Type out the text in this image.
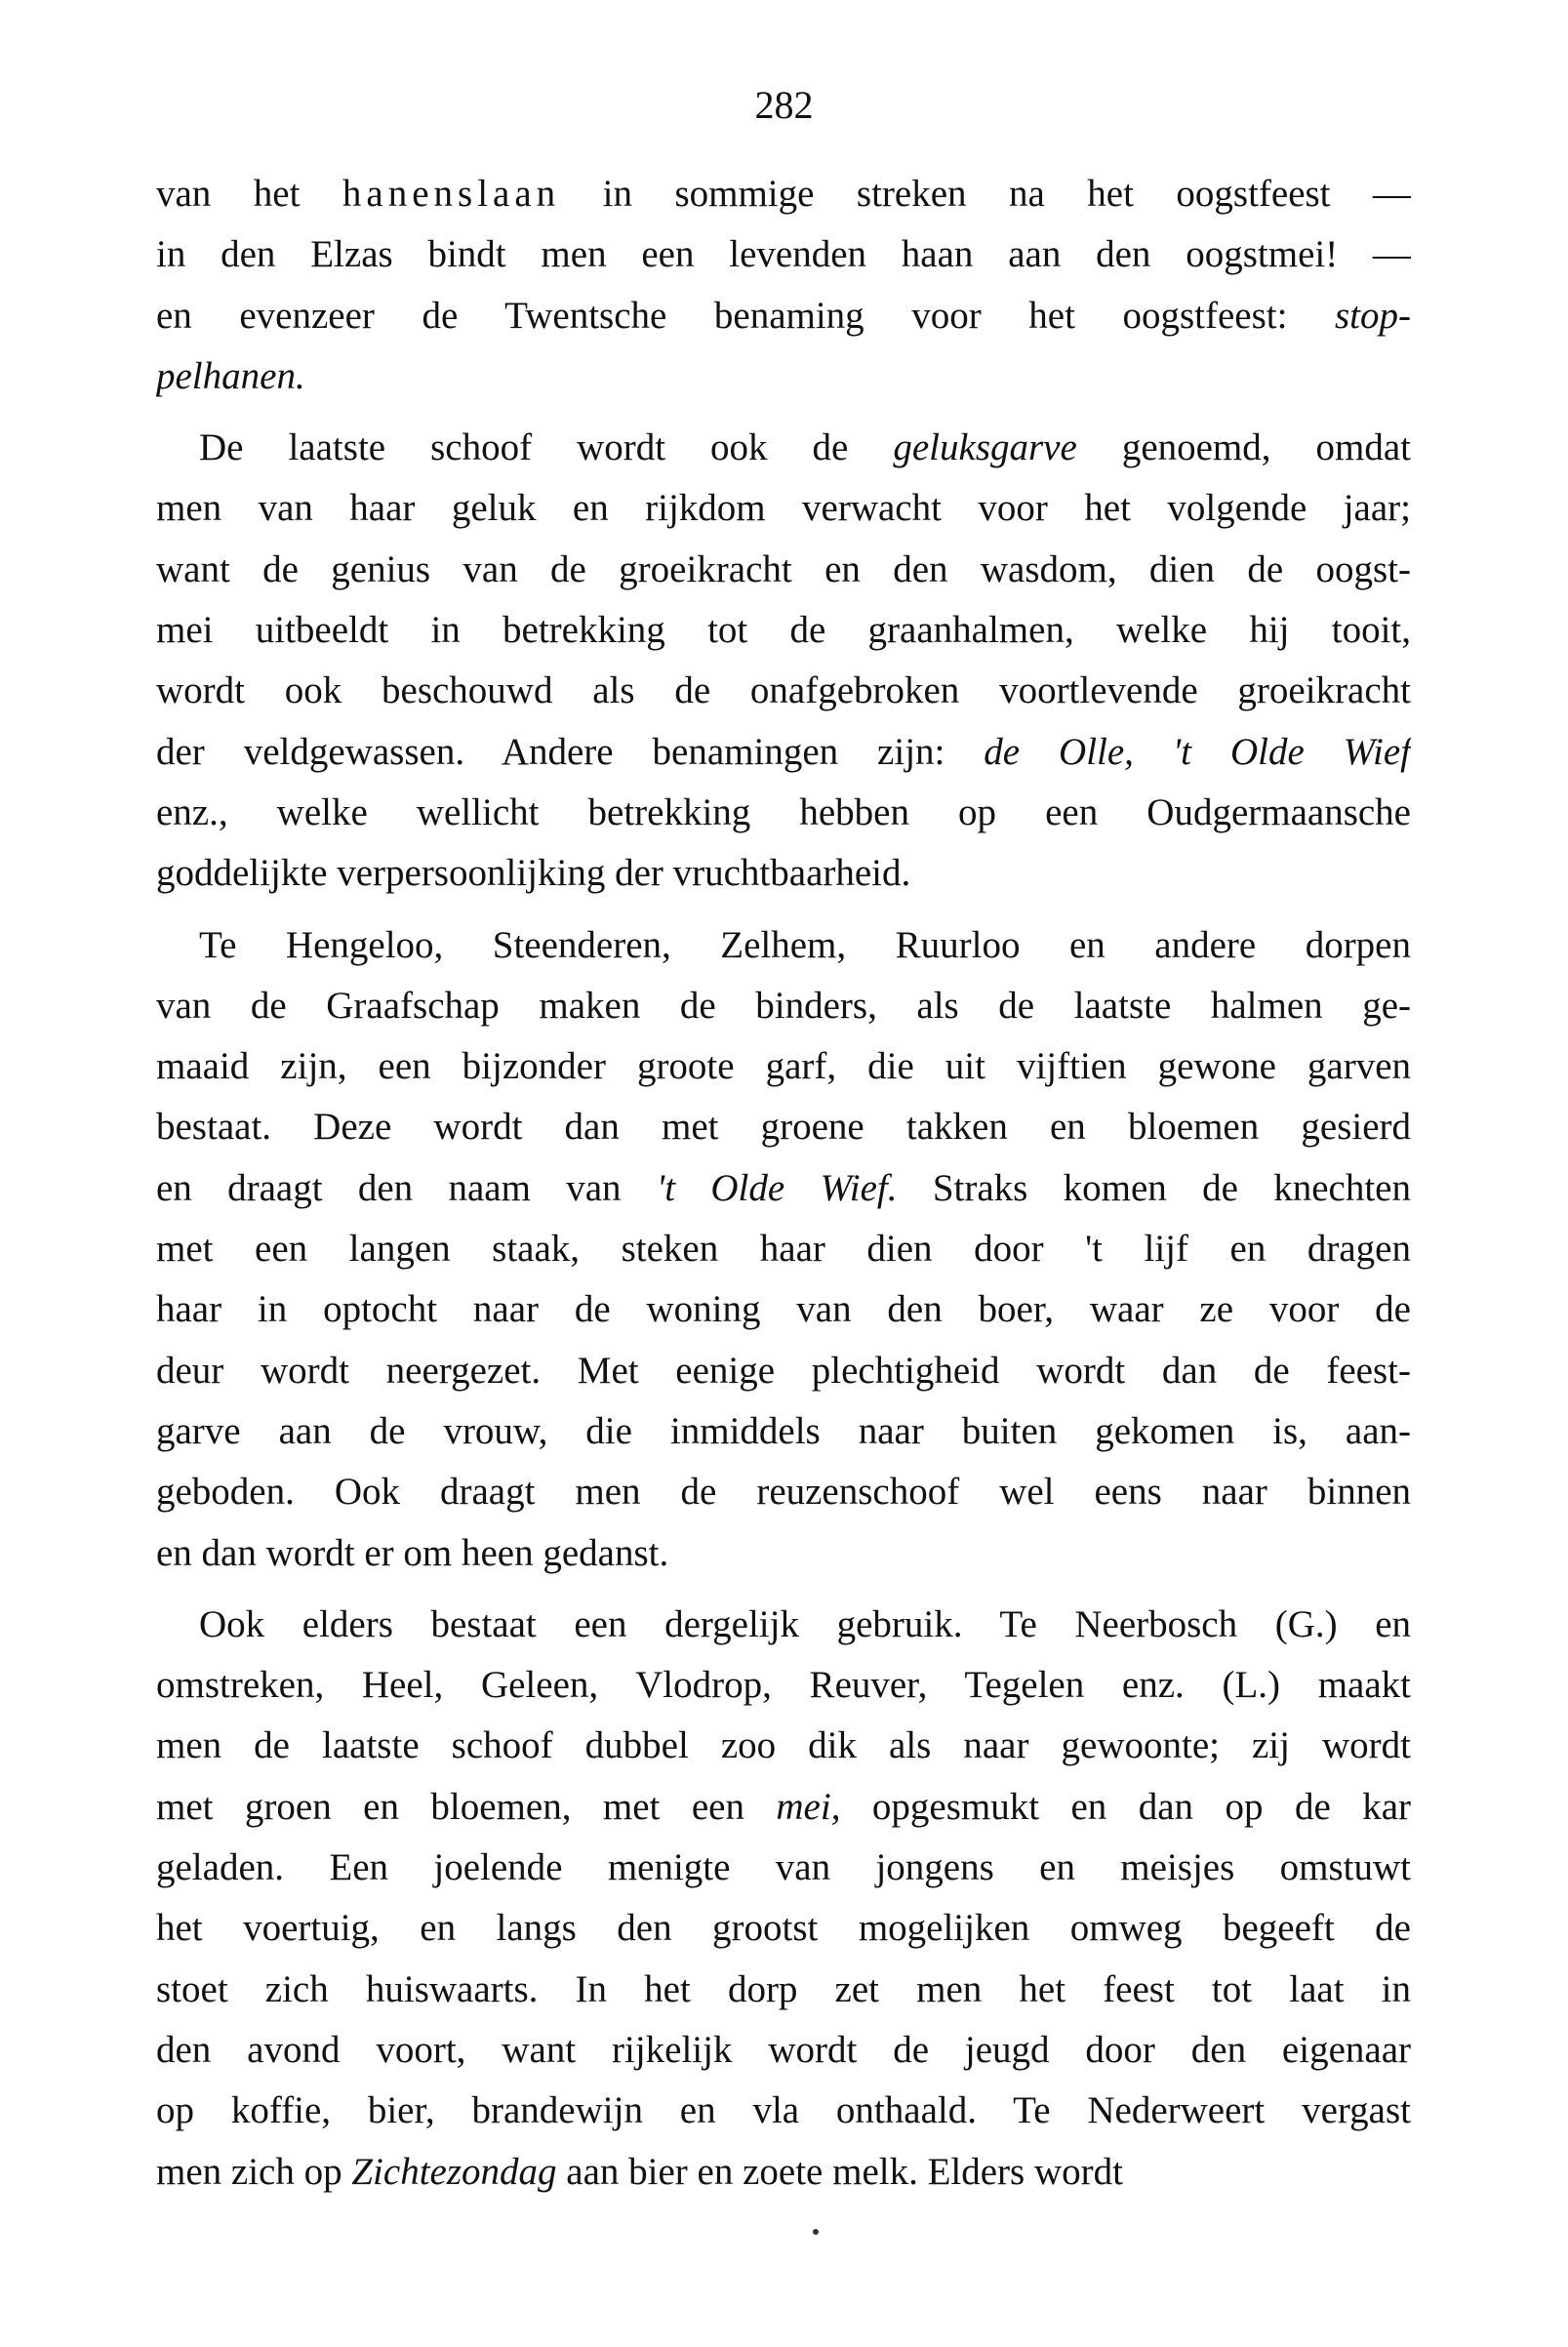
282
van het hanenslaan in sommige streken na het oogstfeest —
in den Elzas bindt men een levenden haan aan den oogstmei! —
en evenzeer de Twentsche benaming voor het oogstfeest: stop-
pelhanen.
De laatste schoof wordt ook de geluksgarve genoemd, omdat
men van haar geluk en rijkdom verwacht voor het volgende jaar;
want de genius van de groeikracht en den wasdom, dien de oogst-
mei uitbeeldt in betrekking tot de graanhalmen, welke hij tooit,
wordt ook beschouwd als de onafgebroken voortlevende groeikracht
der veldgewassen. Andere benamingen zijn: de Olle, 't Olde Wief
enz., welke wellicht betrekking hebben op een Oudgermaansche
goddelijkte verpersoonlijking der vruchtbaarheid.
Te Hengeloo, Steenderen, Zelhem, Ruurloo en andere dorpen
van de Graafschap maken de binders, als de laatste halmen ge-
maaid zijn, een bijzonder groote garf, die uit vijftien gewone garven
bestaat. Deze wordt dan met groene takken en bloemen gesierd
en draagt den naam van 't Olde Wief. Straks komen de knechten
met een langen staak, steken haar dien door 't lijf en dragen
haar in optocht naar de woning van den boer, waar ze voor de
deur wordt neergezet. Met eenige plechtigheid wordt dan de feest-
garve aan de vrouw, die inmiddels naar buiten gekomen is, aan-
geboden. Ook draagt men de reuzenschoof wel eens naar binnen
en dan wordt er om heen gedanst.
Ook elders bestaat een dergelijk gebruik. Te Neerbosch (G.) en
omstreken, Heel, Geleen, Vlodrop, Reuver, Tegelen enz. (L.) maakt
men de laatste schoof dubbel zoo dik als naar gewoonte; zij wordt
met groen en bloemen, met een mei, opgesmukt en dan op de kar
geladen. Een joelende menigte van jongens en meisjes omstuwt
het voertuig, en langs den grootst mogelijken omweg begeeft de
stoet zich huiswaarts. In het dorp zet men het feest tot laat in
den avond voort, want rijkelijk wordt de jeugd door den eigenaar
op koffie, bier, brandewijn en vla onthaald. Te Nederweert vergast
men zich op Zichtezondag aan bier en zoete melk. Elders wordt
